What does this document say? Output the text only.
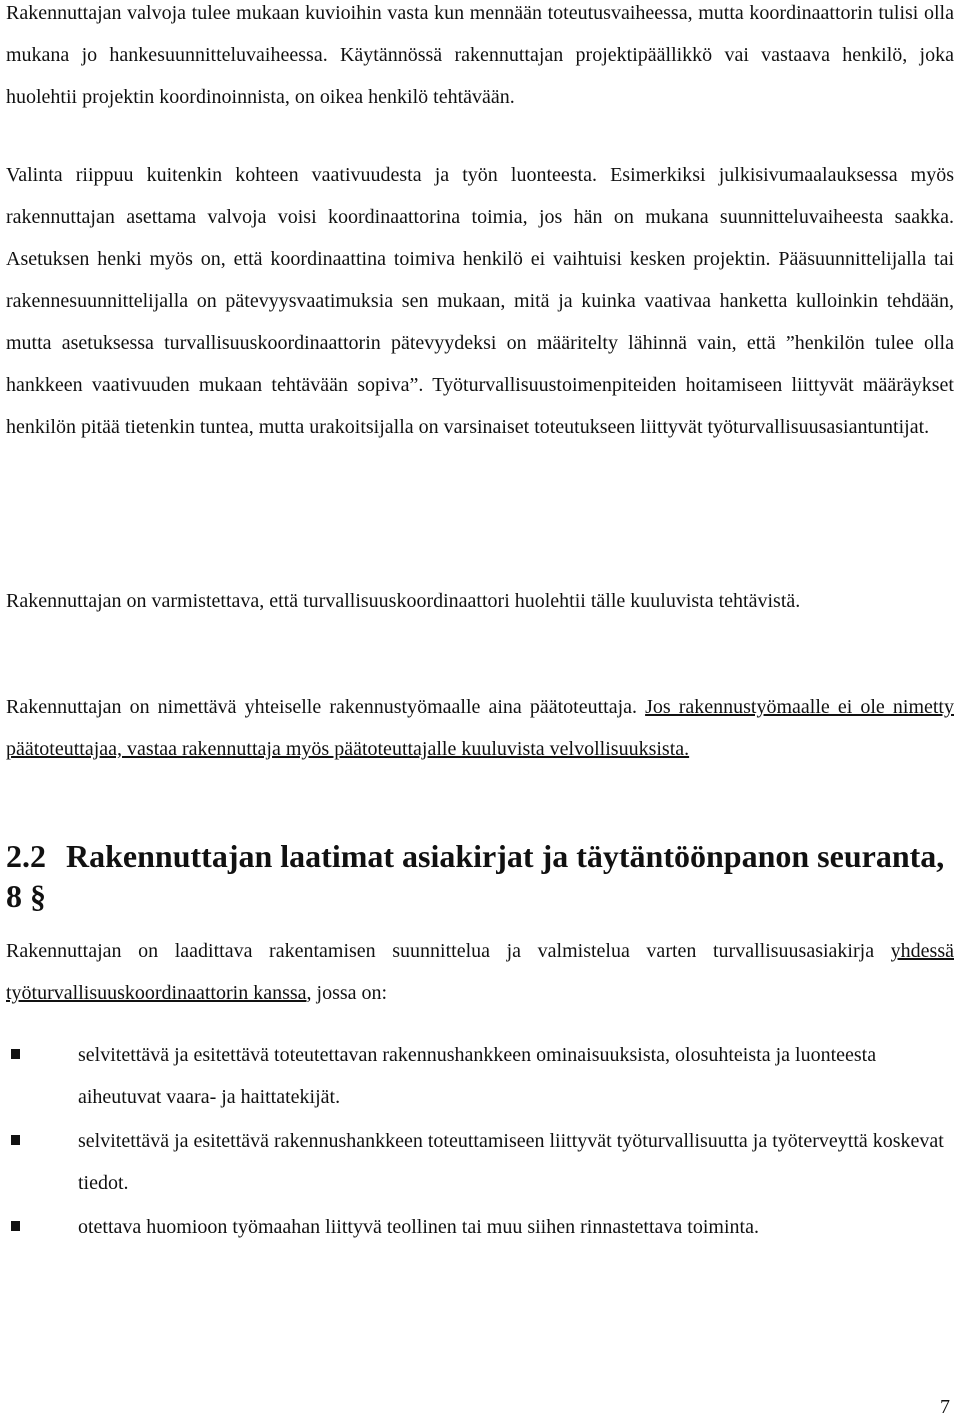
Rakennuttajan valvoja tulee mukaan kuvioihin vasta kun mennään toteutusvaiheessa, mutta koordinaattorin tulisi olla mukana jo hankesuunnitteluvaiheessa. Käytännössä rakennuttajan projektipäällikkö vai vastaava henkilö, joka huolehtii projektin koordinoinnista, on oikea henkilö tehtävään.

Valinta riippuu kuitenkin kohteen vaativuudesta ja työn luonteesta. Esimerkiksi julkisivumaalauksessa myös rakennuttajan asettama valvoja voisi koordinaattorina toimia, jos hän on mukana suunnitteluvaiheesta saakka. Asetuksen henki myös on, että koordinaattina toimiva henkilö ei vaihtuisi kesken projektin. Pääsuunnittelijalla tai rakennesuunnittelijalla on pätevyysvaatimuksia sen mukaan, mitä ja kuinka vaativaa hanketta kulloinkin tehdään, mutta asetuksessa turvallisuuskoordinaattorin pätevyydeksi on määritelty lähinnä vain, että ”henkilön tulee olla hankkeen vaativuuden mukaan tehtävään sopiva”. Työturvallisuustoimenpiteiden hoitamiseen liittyvät määräykset henkilön pitää tietenkin tuntea, mutta urakoitsijalla on varsinaiset toteutukseen liittyvät työturvallisuusasiantuntijat.

Rakennuttajan on varmistettava, että turvallisuuskoordinaattori huolehtii tälle kuuluvista tehtävistä.

Rakennuttajan on nimettävä yhteiselle rakennustyömaalle aina päätoteuttaja. Jos rakennustyömaalle ei ole nimetty päätoteuttajaa, vastaa rakennuttaja myös päätoteuttajalle kuuluvista velvollisuuksista.

2.2 Rakennuttajan laatimat asiakirjat ja täytäntöönpanon seuranta, 8 §

Rakennuttajan on laadittava rakentamisen suunnittelua ja valmistelua varten turvallisuusasiakirja yhdessä työturvallisuuskoordinaattorin kanssa, jossa on:

selvitettävä ja esitettävä toteutettavan rakennushankkeen ominaisuuksista, olosuhteista ja luonteesta aiheutuvat vaara- ja haittatekijät.
selvitettävä ja esitettävä rakennushankkeen toteuttamiseen liittyvät työturvallisuutta ja työterveyttä koskevat tiedot.
otettava huomioon työmaahan liittyvä teollinen tai muu siihen rinnastettava toiminta.
7
